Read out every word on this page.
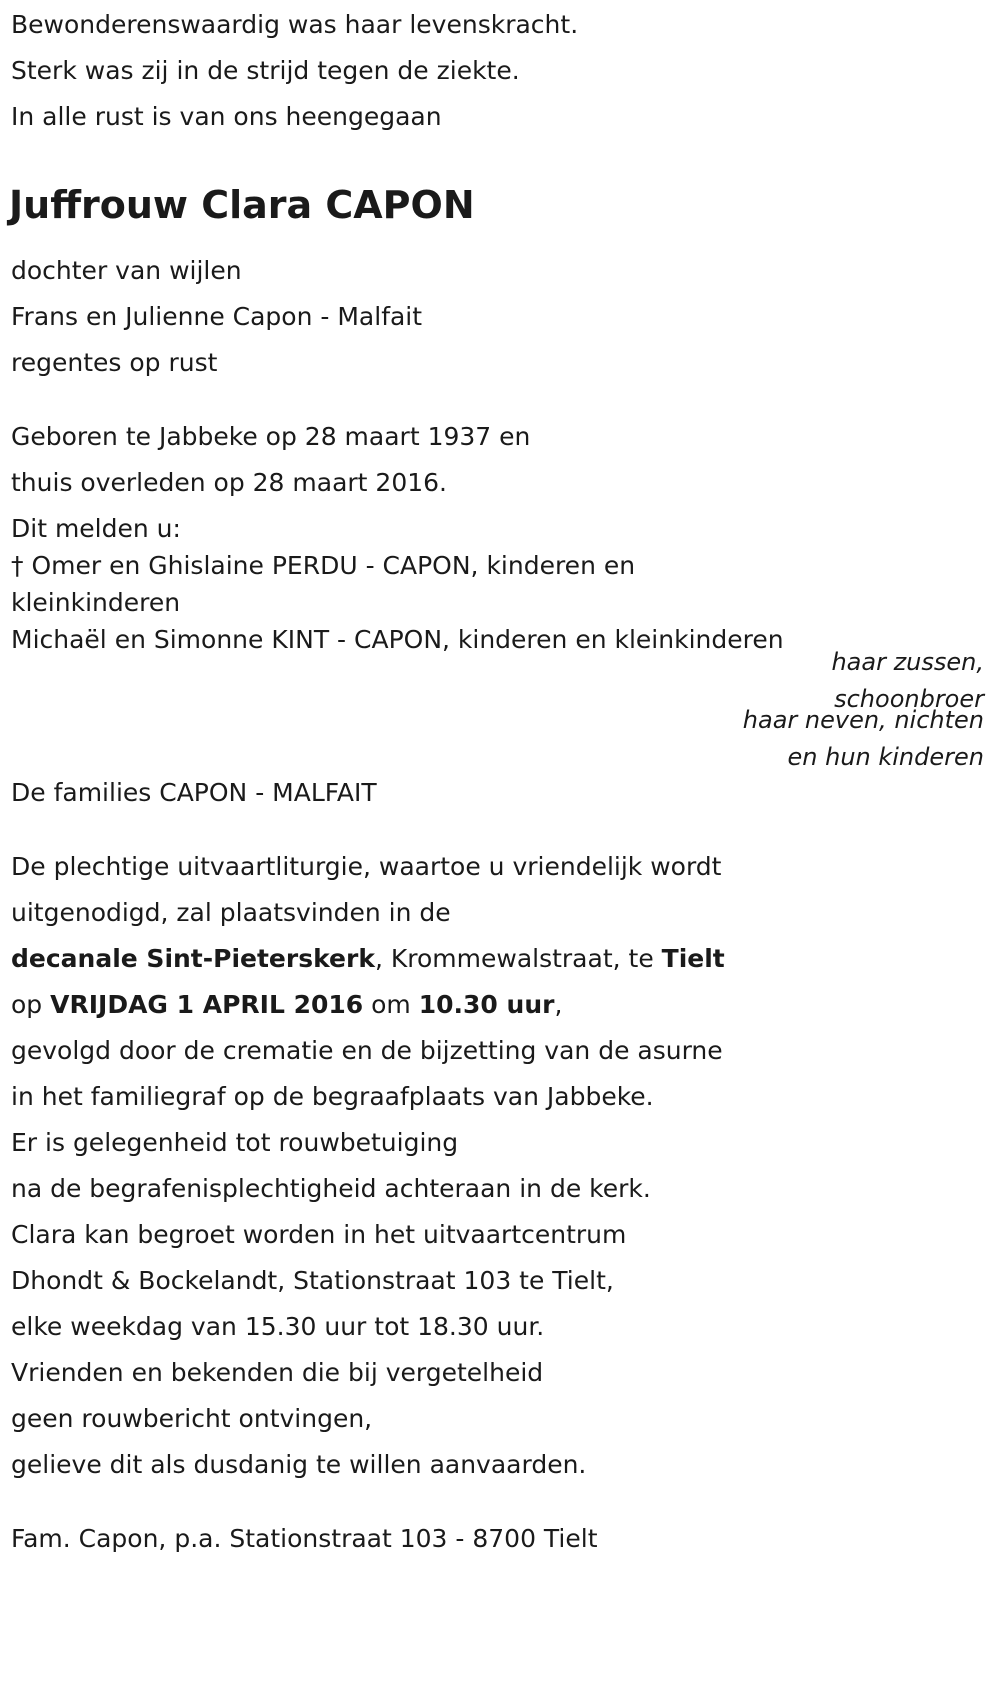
Bewonderenswaardig was haar levenskracht.
Sterk was zij in de strijd tegen de ziekte.
In alle rust is van ons heengegaan
Juffrouw Clara CAPON
dochter van wijlen
Frans en Julienne Capon - Malfait
regentes op rust
Geboren te Jabbeke op 28 maart 1937 en
thuis overleden op 28 maart 2016.
Dit melden u:
† Omer en Ghislaine PERDU - CAPON, kinderen en
kleinkinderen
Michaël en Simonne KINT - CAPON, kinderen en kleinkinderen
haar zussen,
schoonbroer
haar neven, nichten
en hun kinderen
De families CAPON - MALFAIT
De plechtige uitvaartliturgie, waartoe u vriendelijk wordt
uitgenodigd, zal plaatsvinden in de
decanale Sint-Pieterskerk, Krommewalstraat, te Tielt
op VRIJDAG 1 APRIL 2016 om 10.30 uur,
gevolgd door de crematie en de bijzetting van de asurne
in het familiegraf op de begraafplaats van Jabbeke.
Er is gelegenheid tot rouwbetuiging
na de begrafenisplechtigheid achteraan in de kerk.
Clara kan begroet worden in het uitvaartcentrum
Dhondt & Bockelandt, Stationstraat 103 te Tielt,
elke weekdag van 15.30 uur tot 18.30 uur.
Vrienden en bekenden die bij vergetelheid
geen rouwbericht ontvingen,
gelieve dit als dusdanig te willen aanvaarden.
Fam. Capon, p.a. Stationstraat 103 - 8700 Tielt
